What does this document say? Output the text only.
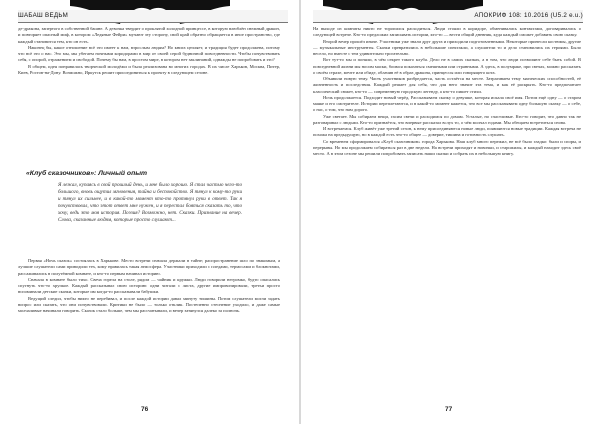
ШАБАШ ВЕДЬМ

де-дракона, запертого в собственной башне. А девочка твердит о проклятой холодной принцессе, в которую влюблён снежный дракон, и повторяет опасный миф, в котором «Ледяные Фейри» мучают эту сторону, свой край обратно обращается в иное пространство, где каждый становится тем, кто он есть.

Наконец бы, какое отношение всё это имеет к нам, взрослым людям? Но книга цепляет, и традиция будет продолжена, потому что всё это о нас. Это мы, мы убегаем ночными коридорами в мир от своей серой будничной повседневности. Чтобы почувствовать себя, с опорой, отражением и свободой. Почему бы нам, в простом мире, в котором нет заклинаний, однажды не попробовать и это?

В общем, идея понравилась творческой молодёжи и была реализована во многих городах. В их числе Харьков, Москва, Питер, Киев, Ростов-на-Дону. Возможно, Иркутск решит присоединиться к проекту в следующем сезоне.

«Клуб сказочников»: Личный опыт
Я лежал, купаясь в свой прошлый день, и мне было хорошо. Я стал частью чего-то большого, вновь ощутил мгновения, тайна и беспокойство. Я тянул к кому-то руки и тянул их сильнее, и в какой-то момент кто-то протянул руки в ответ. Так я почувствовал, что этот ответ мне нужен, и я перестал бояться сказать то, что хочу, ведь это моя история. Поэзия? Возможно, нет. Сказки. Признание на вечер. Слова, сказанные людям, которые просто слушают...

Первая «Ночь сказок» состоялась в Харькове. Место встречи сначала держали в тайне; распространение шло по знакомым, а лучшие слушатели сами приводили тех, кому нравилась такая атмосфера. Участники приходили с пледами, термосами и блокнотами, рассаживались в полутёмной комнате, и кто-то первым начинал историю.

Сначала в комнате было тихо. Свеча горела на столе, рядом — чайник и кружки. Люди говорили негромко, будто опасались спугнуть что-то хрупкое. Каждый рассказывал свою историю: одни читали с листа, другие импровизировали, третьи просто вспоминали детские сказки, которые им когда-то рассказывали бабушки.

Ведущий следил, чтобы никто не перебивал, и после каждой истории давал минуту тишины. Потом слушатели могли задать вопрос или сказать, что они почувствовали. Критики не было — только отклик. Постепенно стеснение уходило, и даже самые молчаливые начинали говорить. Сказок стало больше, чем мы рассчитывали, и вечер затянулся далеко за полночь.

76
АПОКРИФ 108: 10.2016 (U5.2 e.u.)

На выходе из комнаты никто не торопился расходиться. Люди стояли в коридоре, обменивались контактами, договаривались о следующей встрече. Кто-то предложил записывать истории, кто-то — вести общий дневник, куда каждый сможет добавить свою сказку.

Второй вечер прошёл иначе. Участники уже знали друг друга и приходили подготовленными. Некоторые принесли костюмы, другие — музыкальные инструменты. Сказки превратились в небольшие спектакли, а слушатели то и дело становились их героями. Было весело, но вместе с тем удивительно трогательно.

Вот тут-то мы и поняли, в чём секрет такого клуба. Дело не в самих сказках, а в том, что люди позволяют себе быть собой. В повседневной жизни мы носим маски, боимся показаться смешными или странными. А здесь, в полумраке, при свечах, можно рассказать о своём страхе, мечте или обиде, облачив её в образ дракона, принцессы или говорящего кота.

Объявили новую тему. Часть участников разбредается, часть остаётся на месте. Затрагиваем тему магических способностей, её жизненность и последствия. Каждый решает для себя, что для него значит эта тема, и как её раскрыть. Кто-то предпочитает классический сюжет, кто-то — современную городскую легенду, а кто-то пишет стихи.

Ночь продолжается. Подходит новый черёд. Рассказываем сказку о девушке, которая искала своё имя. Потом ещё одну — о старом маяке и его смотрителе. Истории переплетаются, и в какой-то момент кажется, что все мы рассказываем одну большую сказку — о себе, о нас, о том, что нам дорого.

Уже светает. Мы собираем вещи, гасим свечи и расходимся по домам. Усталые, но счастливые. Кто-то говорит, что давно так не разговаривал с людьми. Кто-то признаётся, что впервые рассказал вслух то, о чём молчал годами. Мы обещаем встретиться снова.

И встречаемся. Клуб живёт уже третий сезон, к нему присоединяются новые люди, появляются новые традиции. Каждая встреча не похожа на предыдущую, но в каждой есть что-то общее — доверие, тишина и готовность слушать.

Со временем сформировался «Клуб сказочников» города Харькова. Наш клуб много пережил, не всё было гладко: были и споры, и перерывы. Но мы продолжаем собираться раз в две недели. На встречи приходят и новички, и старожилы, и каждый находит здесь своё место. А в этом сезоне мы решили попробовать записать наши сказки и собрать их в небольшую книгу.

77
